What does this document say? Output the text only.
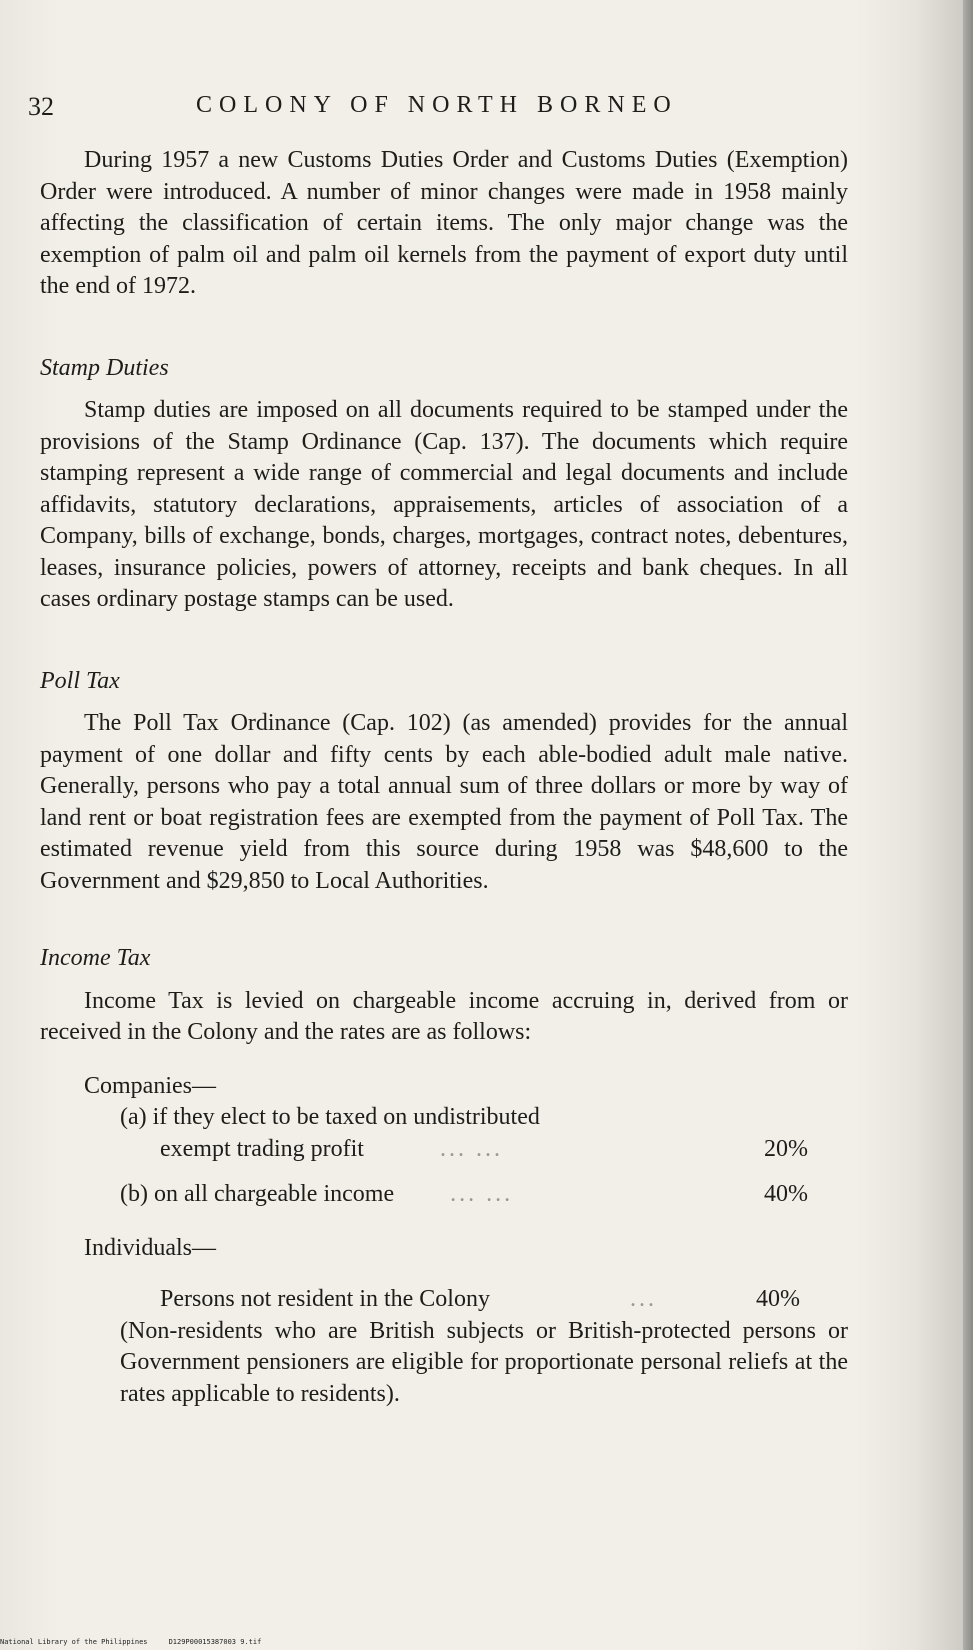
32	COLONY OF NORTH BORNEO

During 1957 a new Customs Duties Order and Customs Duties (Exemption) Order were introduced. A number of minor changes were made in 1958 mainly affecting the classification of certain items. The only major change was the exemption of palm oil and palm oil kernels from the payment of export duty until the end of 1972.

Stamp Duties

Stamp duties are imposed on all documents required to be stamped under the provisions of the Stamp Ordinance (Cap. 137). The documents which require stamping represent a wide range of commercial and legal documents and include affidavits, statutory declarations, appraisements, articles of association of a Company, bills of exchange, bonds, charges, mortgages, contract notes, debentures, leases, insurance policies, powers of attorney, receipts and bank cheques. In all cases ordinary postage stamps can be used.

Poll Tax

The Poll Tax Ordinance (Cap. 102) (as amended) provides for the annual payment of one dollar and fifty cents by each able-bodied adult male native. Generally, persons who pay a total annual sum of three dollars or more by way of land rent or boat registration fees are exempted from the payment of Poll Tax. The estimated revenue yield from this source during 1958 was $48,600 to the Government and $29,850 to Local Authorities.

Income Tax

Income Tax is levied on chargeable income accruing in, derived from or received in the Colony and the rates are as follows:

Companies—
(a) if they elect to be taxed on undistributed
exempt trading profit	... ...	20%
(b) on all chargeable income ... ...	40%
Individuals—
Persons not resident in the Colony	...	40%

(Non-residents who are British subjects or British-protected persons or Government pensioners are eligible for proportionate personal reliefs at the rates applicable to residents).

National Library of the Philippines     D129P00015387003 9.tif
